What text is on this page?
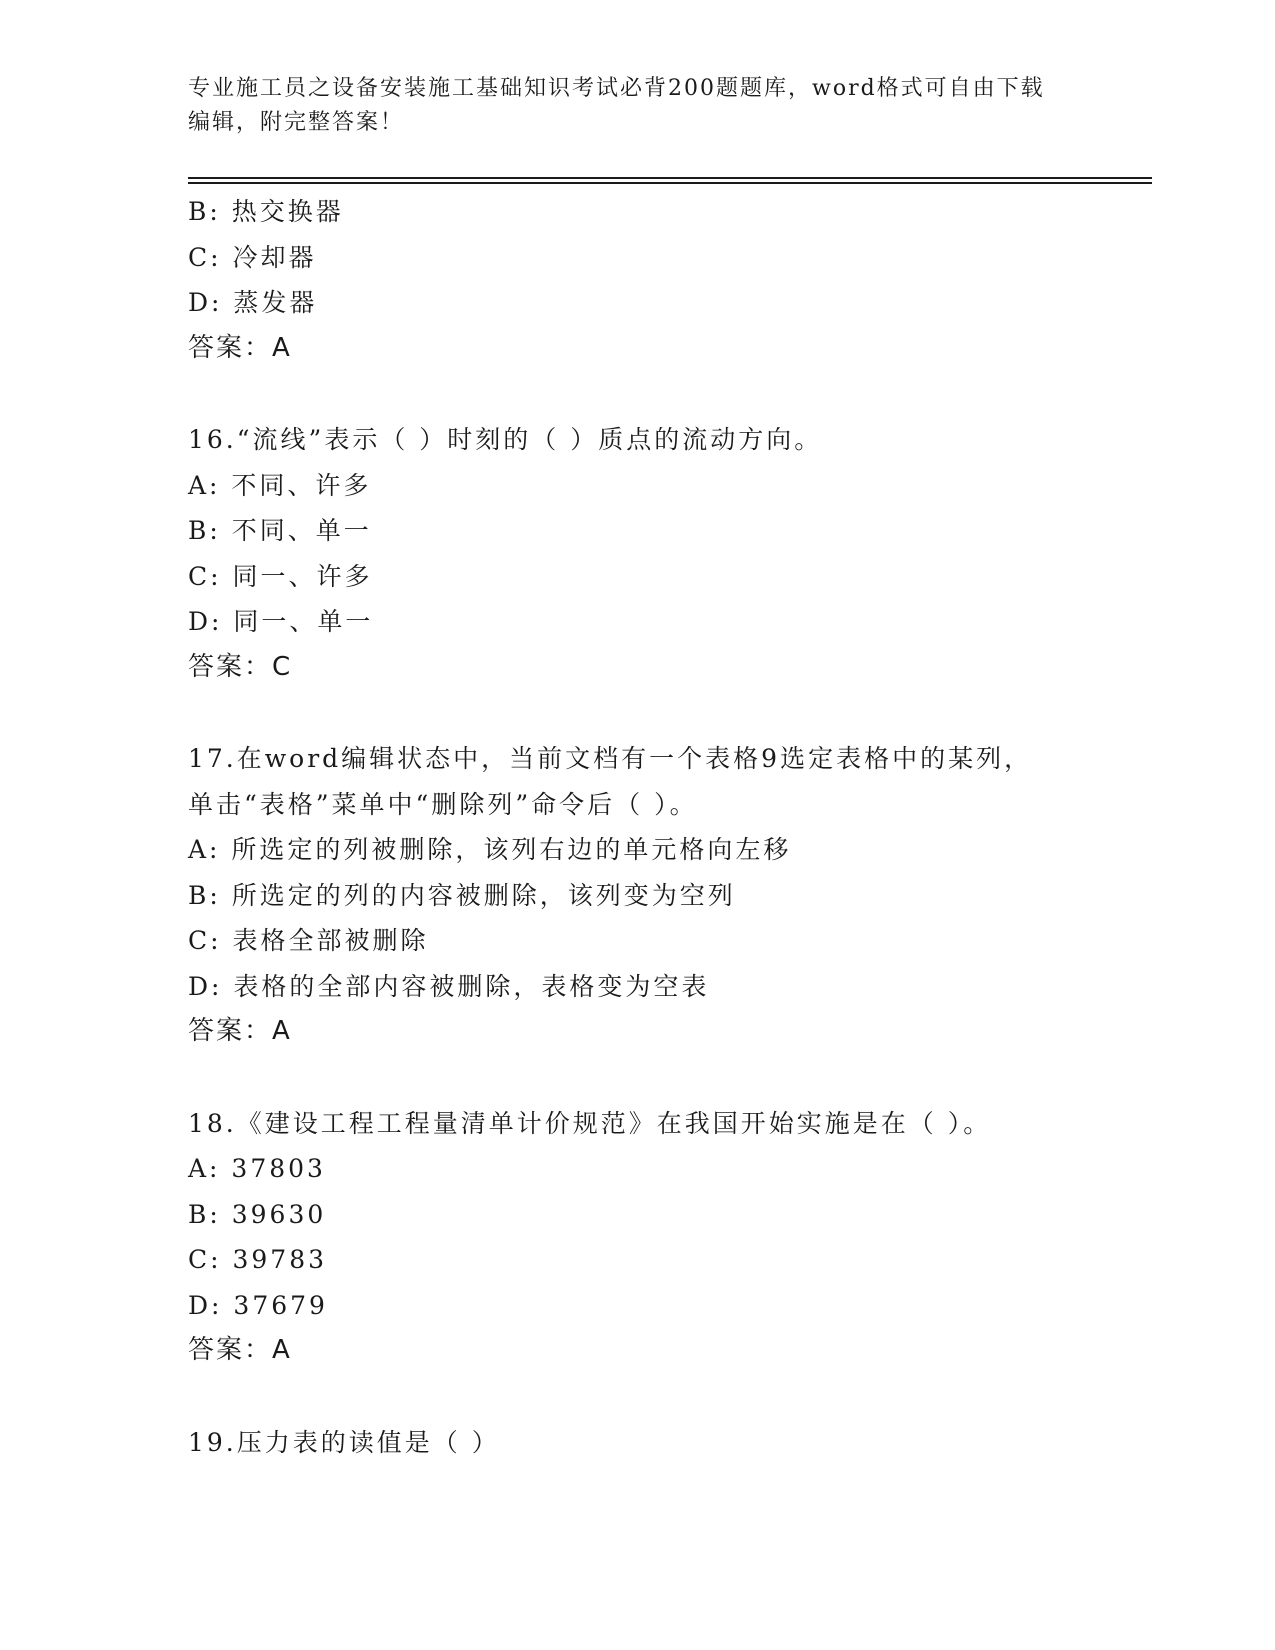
专业施工员之设备安装施工基础知识考试必背200题题库，word格式可自由下载
编辑，附完整答案！
B: 热交换器
C: 冷却器
D: 蒸发器
答案：A
16.“流线”表示（ ）时刻的（ ）质点的流动方向。
A: 不同、许多
B: 不同、单一
C: 同一、许多
D: 同一、单一
答案：C
17.在word编辑状态中，当前文档有一个表格9选定表格中的某列，
单击“表格”菜单中“删除列”命令后（ ）。
A: 所选定的列被删除，该列右边的单元格向左移
B: 所选定的列的内容被删除，该列变为空列
C: 表格全部被删除
D: 表格的全部内容被删除，表格变为空表
答案：A
18.《建设工程工程量清单计价规范》在我国开始实施是在（ ）。
A: 37803
B: 39630
C: 39783
D: 37679
答案：A
19.压力表的读值是（ ）
